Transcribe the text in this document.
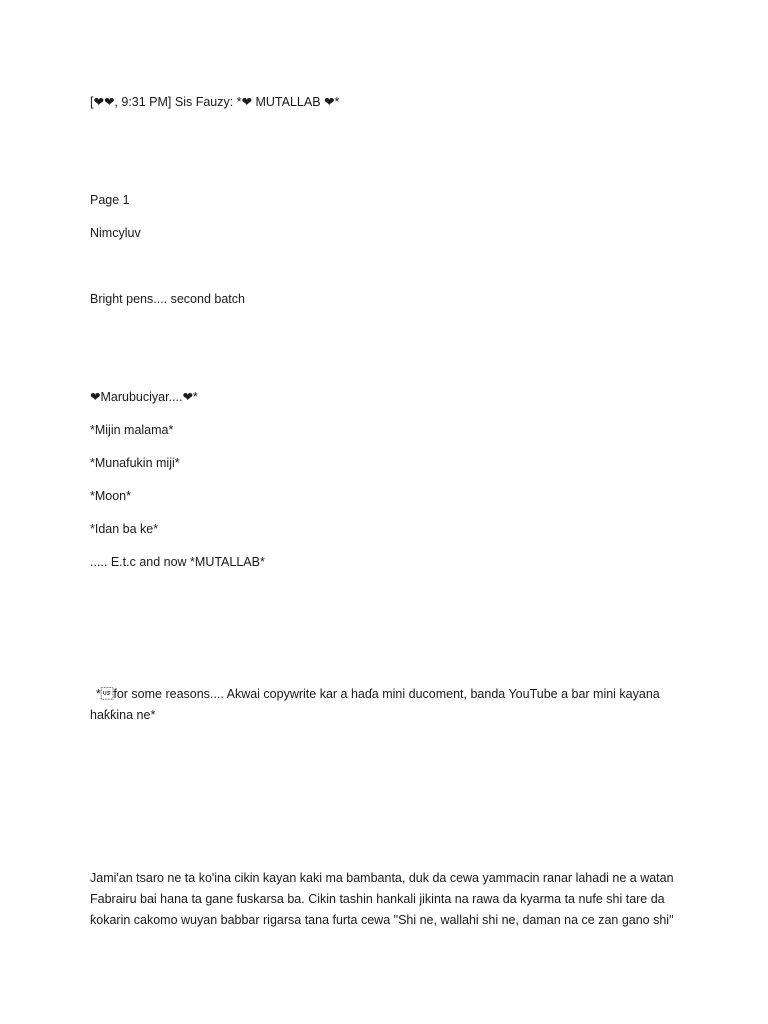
[❤❤, 9:31 PM] Sis Fauzy: *❤ MUTALLAB ❤*
Page 1
Nimcyluv
Bright pens.... second batch
❤Marubuciyar....❤*
*Mijin malama*
*Munafukin miji*
*Moon*
*Idan ba ke*
..... E.t.c and now *MUTALLAB*
*for some reasons.... Akwai copywrite kar a haɗa mini ducoment, banda YouTube a bar mini kayana haƙƙina ne*
Jami'an tsaro ne ta ko'ina cikin kayan kaki ma bambanta, duk da cewa yammacin ranar lahadi ne a watan Fabrairu bai hana ta gane fuskarsa ba. Cikin tashin hankali jikinta na rawa da kyarma ta nufe shi tare da ƙokarin cakomo wuyan babbar rigarsa tana furta cewa "Shi ne, wallahi shi ne, daman na ce zan gano shi"
